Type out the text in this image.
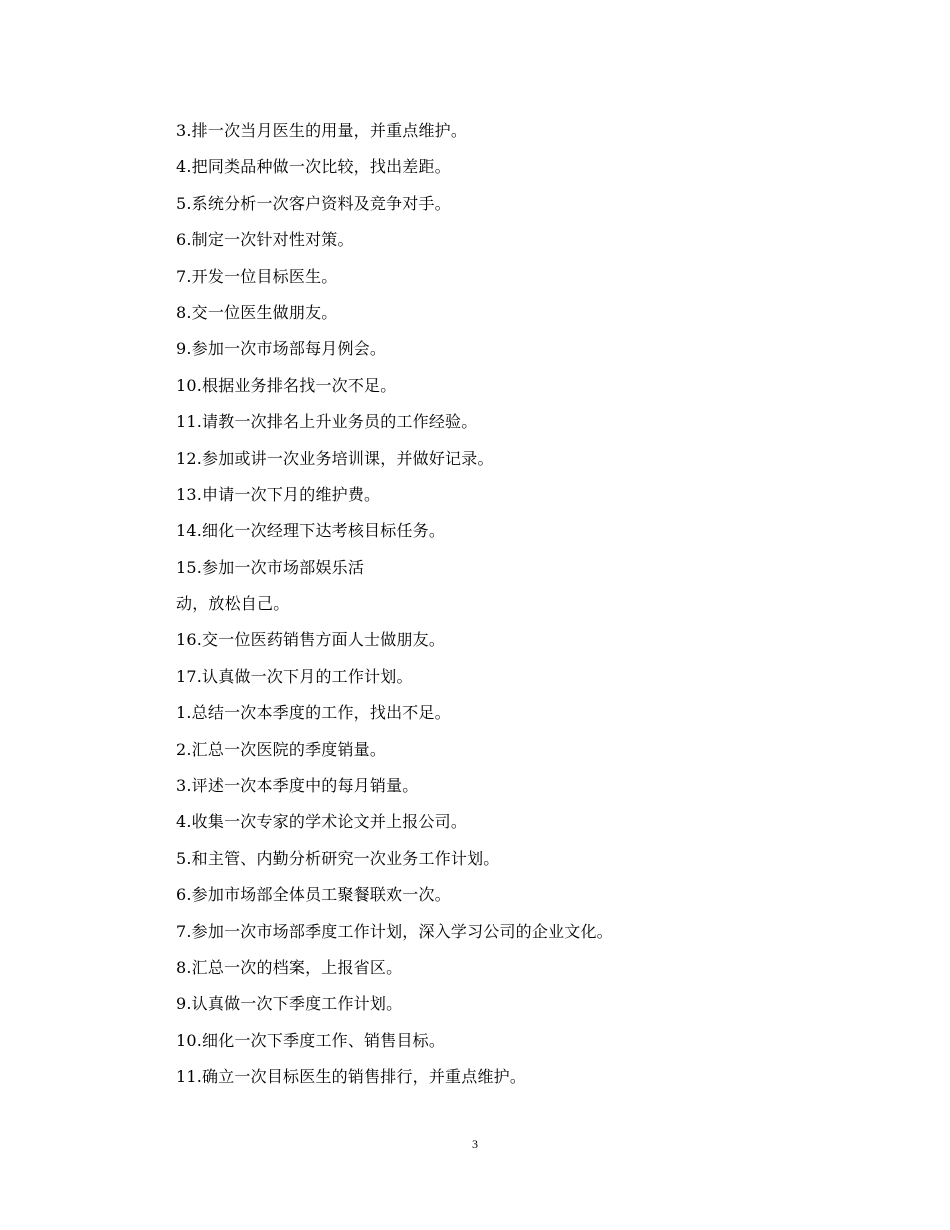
3.排一次当月医生的用量，并重点维护。
4.把同类品种做一次比较，找出差距。
5.系统分析一次客户资料及竞争对手。
6.制定一次针对性对策。
7.开发一位目标医生。
8.交一位医生做朋友。
9.参加一次市场部每月例会。
10.根据业务排名找一次不足。
11.请教一次排名上升业务员的工作经验。
12.参加或讲一次业务培训课，并做好记录。
13.申请一次下月的维护费。
14.细化一次经理下达考核目标任务。
15.参加一次市场部娱乐活
动，放松自己。
16.交一位医药销售方面人士做朋友。
17.认真做一次下月的工作计划。
1.总结一次本季度的工作，找出不足。
2.汇总一次医院的季度销量。
3.评述一次本季度中的每月销量。
4.收集一次专家的学术论文并上报公司。
5.和主管、内勤分析研究一次业务工作计划。
6.参加市场部全体员工聚餐联欢一次。
7.参加一次市场部季度工作计划，深入学习公司的企业文化。
8.汇总一次的档案，上报省区。
9.认真做一次下季度工作计划。
10.细化一次下季度工作、销售目标。
11.确立一次目标医生的销售排行，并重点维护。
3
